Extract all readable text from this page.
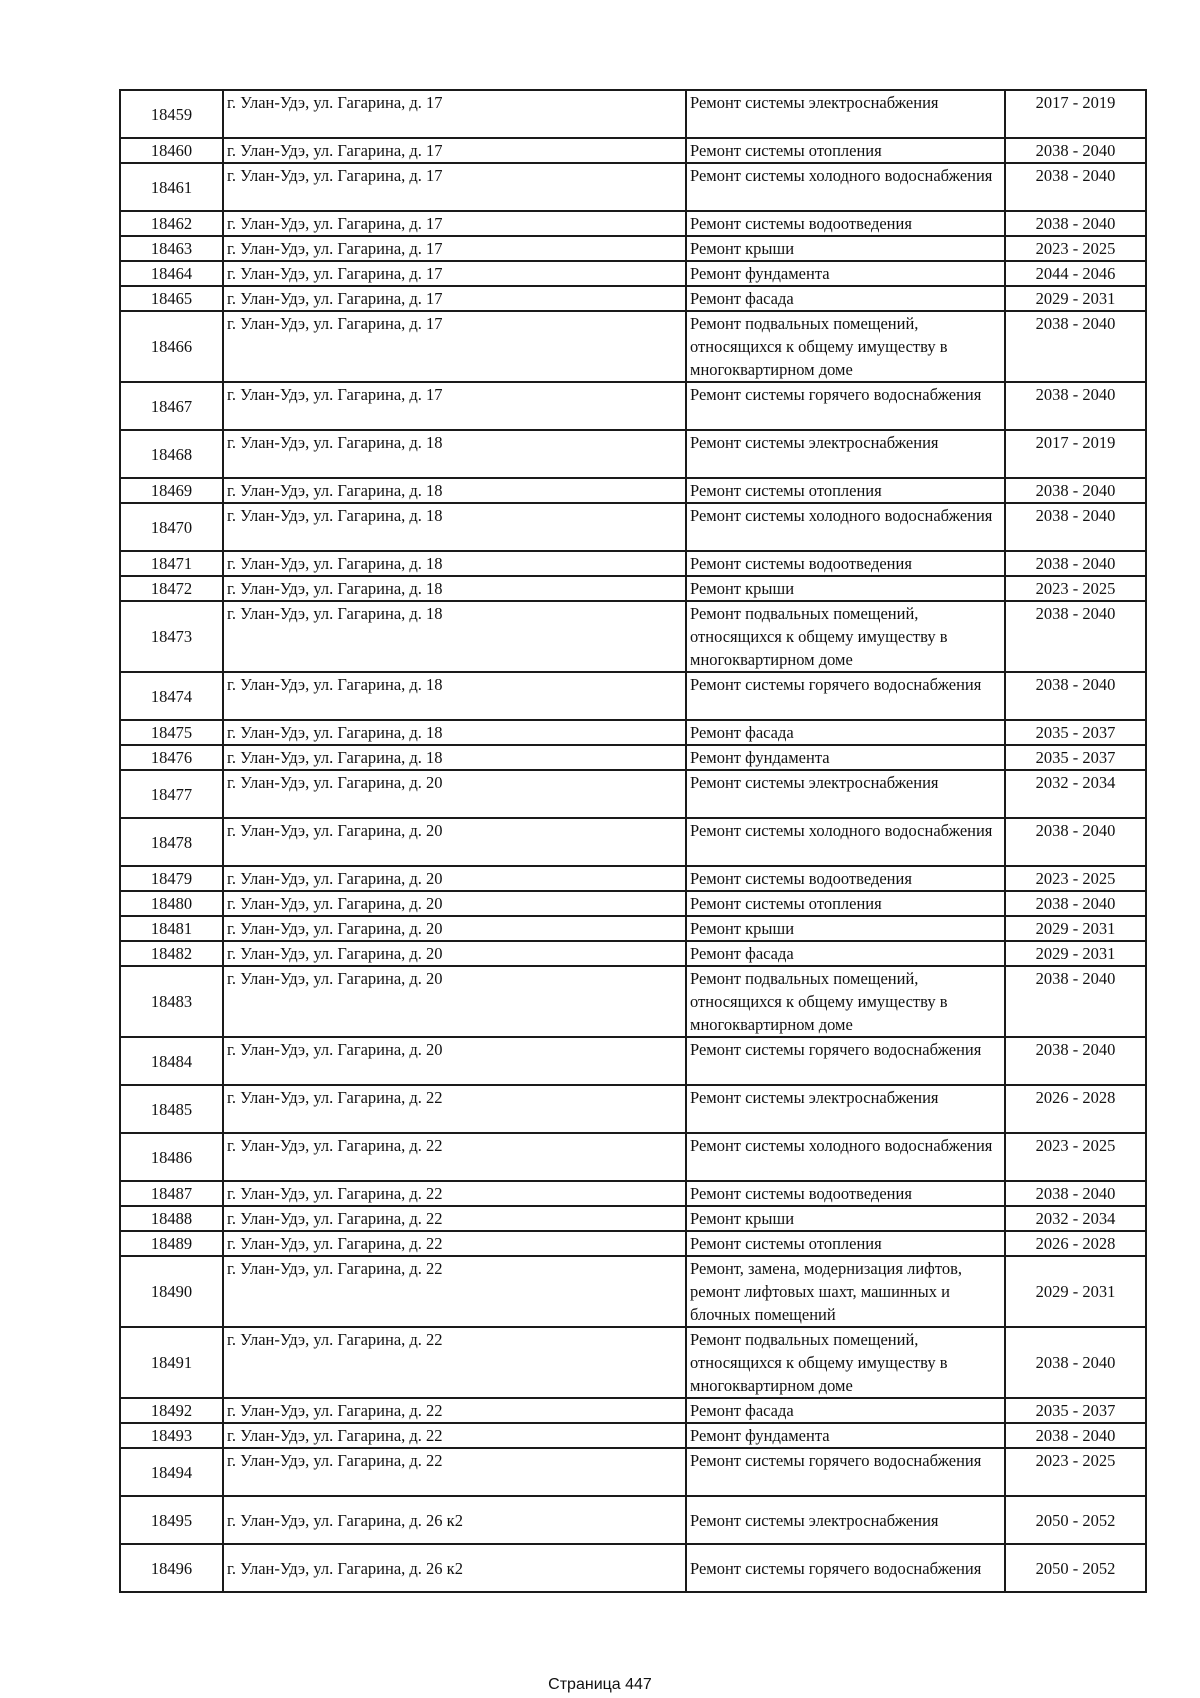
18459	г. Улан-Удэ, ул. Гагарина, д. 17	Ремонт системы электроснабжения	2017 - 2019
18460	г. Улан-Удэ, ул. Гагарина, д. 17	Ремонт системы отопления	2038 - 2040
18461	г. Улан-Удэ, ул. Гагарина, д. 17	Ремонт системы холодного водоснабжения	2038 - 2040
18462	г. Улан-Удэ, ул. Гагарина, д. 17	Ремонт системы водоотведения	2038 - 2040
18463	г. Улан-Удэ, ул. Гагарина, д. 17	Ремонт крыши	2023 - 2025
18464	г. Улан-Удэ, ул. Гагарина, д. 17	Ремонт фундамента	2044 - 2046
18465	г. Улан-Удэ, ул. Гагарина, д. 17	Ремонт фасада	2029 - 2031
18466	г. Улан-Удэ, ул. Гагарина, д. 17	Ремонт подвальных помещений, относящихся к общему имуществу в многоквартирном доме	2038 - 2040
18467	г. Улан-Удэ, ул. Гагарина, д. 17	Ремонт системы горячего водоснабжения	2038 - 2040
18468	г. Улан-Удэ, ул. Гагарина, д. 18	Ремонт системы электроснабжения	2017 - 2019
18469	г. Улан-Удэ, ул. Гагарина, д. 18	Ремонт системы отопления	2038 - 2040
18470	г. Улан-Удэ, ул. Гагарина, д. 18	Ремонт системы холодного водоснабжения	2038 - 2040
18471	г. Улан-Удэ, ул. Гагарина, д. 18	Ремонт системы водоотведения	2038 - 2040
18472	г. Улан-Удэ, ул. Гагарина, д. 18	Ремонт крыши	2023 - 2025
18473	г. Улан-Удэ, ул. Гагарина, д. 18	Ремонт подвальных помещений, относящихся к общему имуществу в многоквартирном доме	2038 - 2040
18474	г. Улан-Удэ, ул. Гагарина, д. 18	Ремонт системы горячего водоснабжения	2038 - 2040
18475	г. Улан-Удэ, ул. Гагарина, д. 18	Ремонт фасада	2035 - 2037
18476	г. Улан-Удэ, ул. Гагарина, д. 18	Ремонт фундамента	2035 - 2037
18477	г. Улан-Удэ, ул. Гагарина, д. 20	Ремонт системы электроснабжения	2032 - 2034
18478	г. Улан-Удэ, ул. Гагарина, д. 20	Ремонт системы холодного водоснабжения	2038 - 2040
18479	г. Улан-Удэ, ул. Гагарина, д. 20	Ремонт системы водоотведения	2023 - 2025
18480	г. Улан-Удэ, ул. Гагарина, д. 20	Ремонт системы отопления	2038 - 2040
18481	г. Улан-Удэ, ул. Гагарина, д. 20	Ремонт крыши	2029 - 2031
18482	г. Улан-Удэ, ул. Гагарина, д. 20	Ремонт фасада	2029 - 2031
18483	г. Улан-Удэ, ул. Гагарина, д. 20	Ремонт подвальных помещений, относящихся к общему имуществу в многоквартирном доме	2038 - 2040
18484	г. Улан-Удэ, ул. Гагарина, д. 20	Ремонт системы горячего водоснабжения	2038 - 2040
18485	г. Улан-Удэ, ул. Гагарина, д. 22	Ремонт системы электроснабжения	2026 - 2028
18486	г. Улан-Удэ, ул. Гагарина, д. 22	Ремонт системы холодного водоснабжения	2023 - 2025
18487	г. Улан-Удэ, ул. Гагарина, д. 22	Ремонт системы водоотведения	2038 - 2040
18488	г. Улан-Удэ, ул. Гагарина, д. 22	Ремонт крыши	2032 - 2034
18489	г. Улан-Удэ, ул. Гагарина, д. 22	Ремонт системы отопления	2026 - 2028
18490	г. Улан-Удэ, ул. Гагарина, д. 22	Ремонт, замена, модернизация лифтов, ремонт лифтовых шахт, машинных и блочных помещений	2029 - 2031
18491	г. Улан-Удэ, ул. Гагарина, д. 22	Ремонт подвальных помещений, относящихся к общему имуществу в многоквартирном доме	2038 - 2040
18492	г. Улан-Удэ, ул. Гагарина, д. 22	Ремонт фасада	2035 - 2037
18493	г. Улан-Удэ, ул. Гагарина, д. 22	Ремонт фундамента	2038 - 2040
18494	г. Улан-Удэ, ул. Гагарина, д. 22	Ремонт системы горячего водоснабжения	2023 - 2025
18495	г. Улан-Удэ, ул. Гагарина, д. 26 к2	Ремонт системы электроснабжения	2050 - 2052
18496	г. Улан-Удэ, ул. Гагарина, д. 26 к2	Ремонт системы горячего водоснабжения	2050 - 2052
Страница 447
